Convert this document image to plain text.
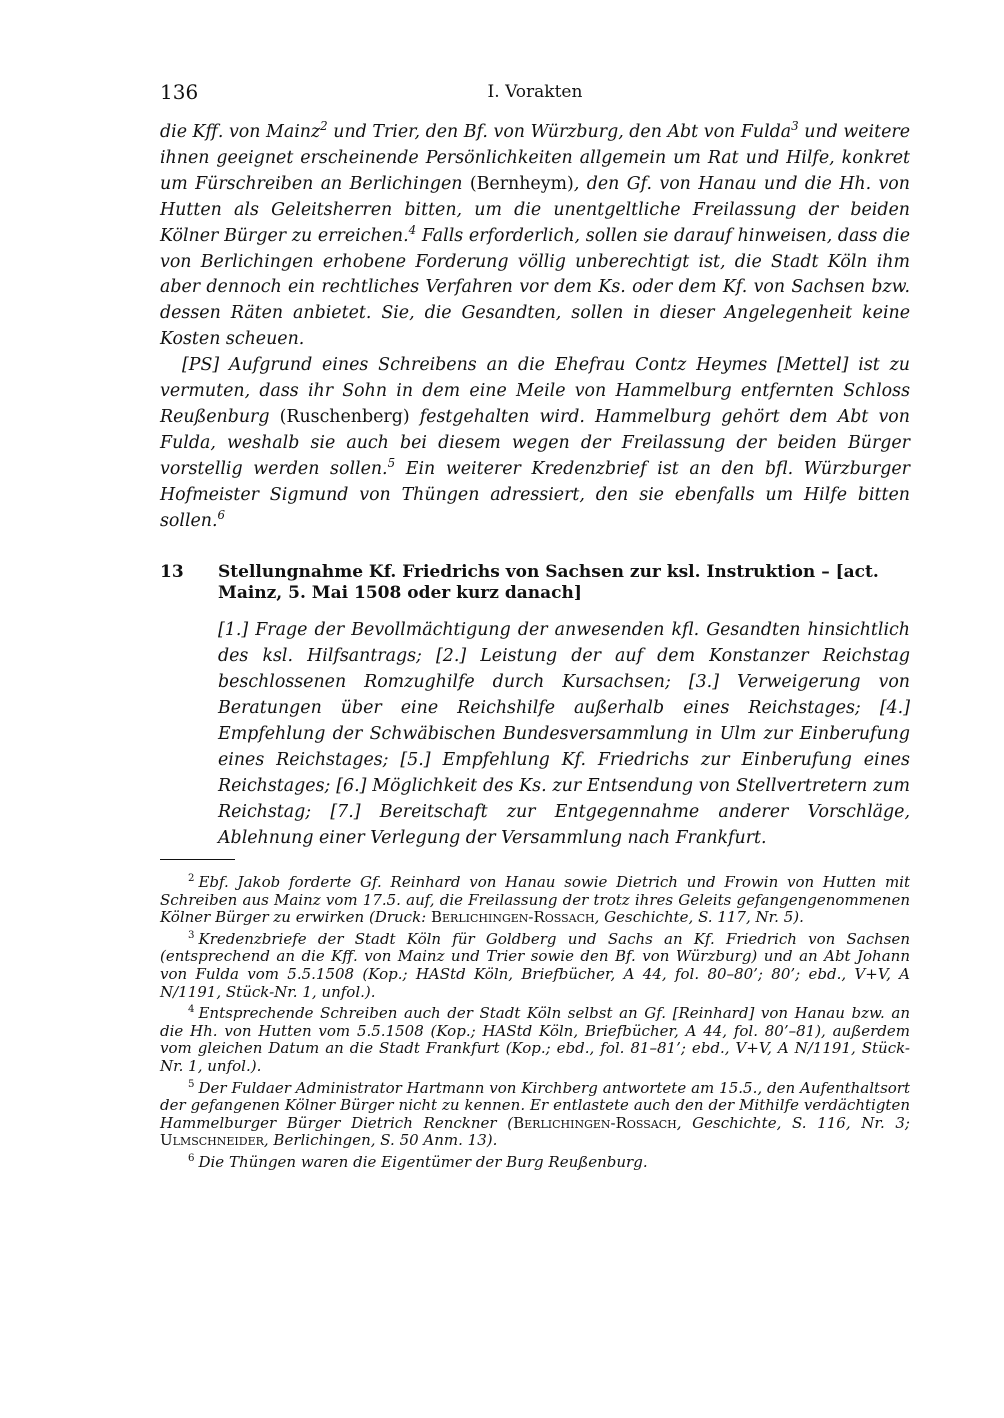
136	I. Vorakten

die Kff. von Mainz$^2$ und Trier, den Bf. von Würzburg, den Abt von Fulda$^3$ und weitere ihnen geeignet erscheinende Persönlichkeiten allgemein um Rat und Hilfe, konkret um Fürschreiben an Berlichingen (Bernheym), den Gf. von Hanau und die Hh. von Hutten als Geleitsherren bitten, um die unentgeltliche Freilassung der beiden Kölner Bürger zu erreichen.$^4$ Falls erforderlich, sollen sie darauf hinweisen, dass die von Berlichingen erhobene Forderung völlig unberechtigt ist, die Stadt Köln ihm aber dennoch ein rechtliches Verfahren vor dem Ks. oder dem Kf. von Sachsen bzw. dessen Räten anbietet. Sie, die Gesandten, sollen in dieser Angelegenheit keine Kosten scheuen.

[PS] Aufgrund eines Schreibens an die Ehefrau Contz Heymes [Mettel] ist zu vermuten, dass ihr Sohn in dem eine Meile von Hammelburg entfernten Schloss Reußenburg (Ruschenberg) festgehalten wird. Hammelburg gehört dem Abt von Fulda, weshalb sie auch bei diesem wegen der Freilassung der beiden Bürger vorstellig werden sollen.$^5$ Ein weiterer Kredenzbrief ist an den bfl. Würzburger Hofmeister Sigmund von Thüngen adressiert, den sie ebenfalls um Hilfe bitten sollen.$^6$

13 Stellungnahme Kf. Friedrichs von Sachsen zur ksl. Instruktion – [act. Mainz, 5. Mai 1508 oder kurz danach]
[1.] Frage der Bevollmächtigung der anwesenden kfl. Gesandten hinsichtlich des ksl. Hilfsantrags; [2.] Leistung der auf dem Konstanzer Reichstag beschlossenen Romzughilfe durch Kursachsen; [3.] Verweigerung von Beratungen über eine Reichshilfe außerhalb eines Reichstages; [4.] Empfehlung der Schwäbischen Bundesversammlung in Ulm zur Einberufung eines Reichstages; [5.] Empfehlung Kf. Friedrichs zur Einberufung eines Reichstages; [6.] Möglichkeit des Ks. zur Entsendung von Stellvertretern zum Reichstag; [7.] Bereitschaft zur Entgegennahme anderer Vorschläge, Ablehnung einer Verlegung der Versammlung nach Frankfurt.

$^2$ Ebf. Jakob forderte Gf. Reinhard von Hanau sowie Dietrich und Frowin von Hutten mit Schreiben aus Mainz vom 17.5. auf, die Freilassung der trotz ihres Geleits gefangengenommenen Kölner Bürger zu erwirken (Druck: Berlichingen-Rossach, Geschichte, S. 117, Nr. 5).

$^3$ Kredenzbriefe der Stadt Köln für Goldberg und Sachs an Kf. Friedrich von Sachsen (entsprechend an die Kff. von Mainz und Trier sowie den Bf. von Würzburg) und an Abt Johann von Fulda vom 5.5.1508 (Kop.; HAStd Köln, Briefbücher, A 44, fol. 80–80’; 80’; ebd., V+V, A N/1191, Stück-Nr. 1, unfol.).

$^4$ Entsprechende Schreiben auch der Stadt Köln selbst an Gf. [Reinhard] von Hanau bzw. an die Hh. von Hutten vom 5.5.1508 (Kop.; HAStd Köln, Briefbücher, A 44, fol. 80’–81), außerdem vom gleichen Datum an die Stadt Frankfurt (Kop.; ebd., fol. 81–81’; ebd., V+V, A N/1191, Stück-Nr. 1, unfol.).

$^5$ Der Fuldaer Administrator Hartmann von Kirchberg antwortete am 15.5., den Aufenthaltsort der gefangenen Kölner Bürger nicht zu kennen. Er entlastete auch den der Mithilfe verdächtigten Hammelburger Bürger Dietrich Renckner (Berlichingen-Rossach, Geschichte, S. 116, Nr. 3; Ulmschneider, Berlichingen, S. 50 Anm. 13).

$^6$ Die Thüngen waren die Eigentümer der Burg Reußenburg.
